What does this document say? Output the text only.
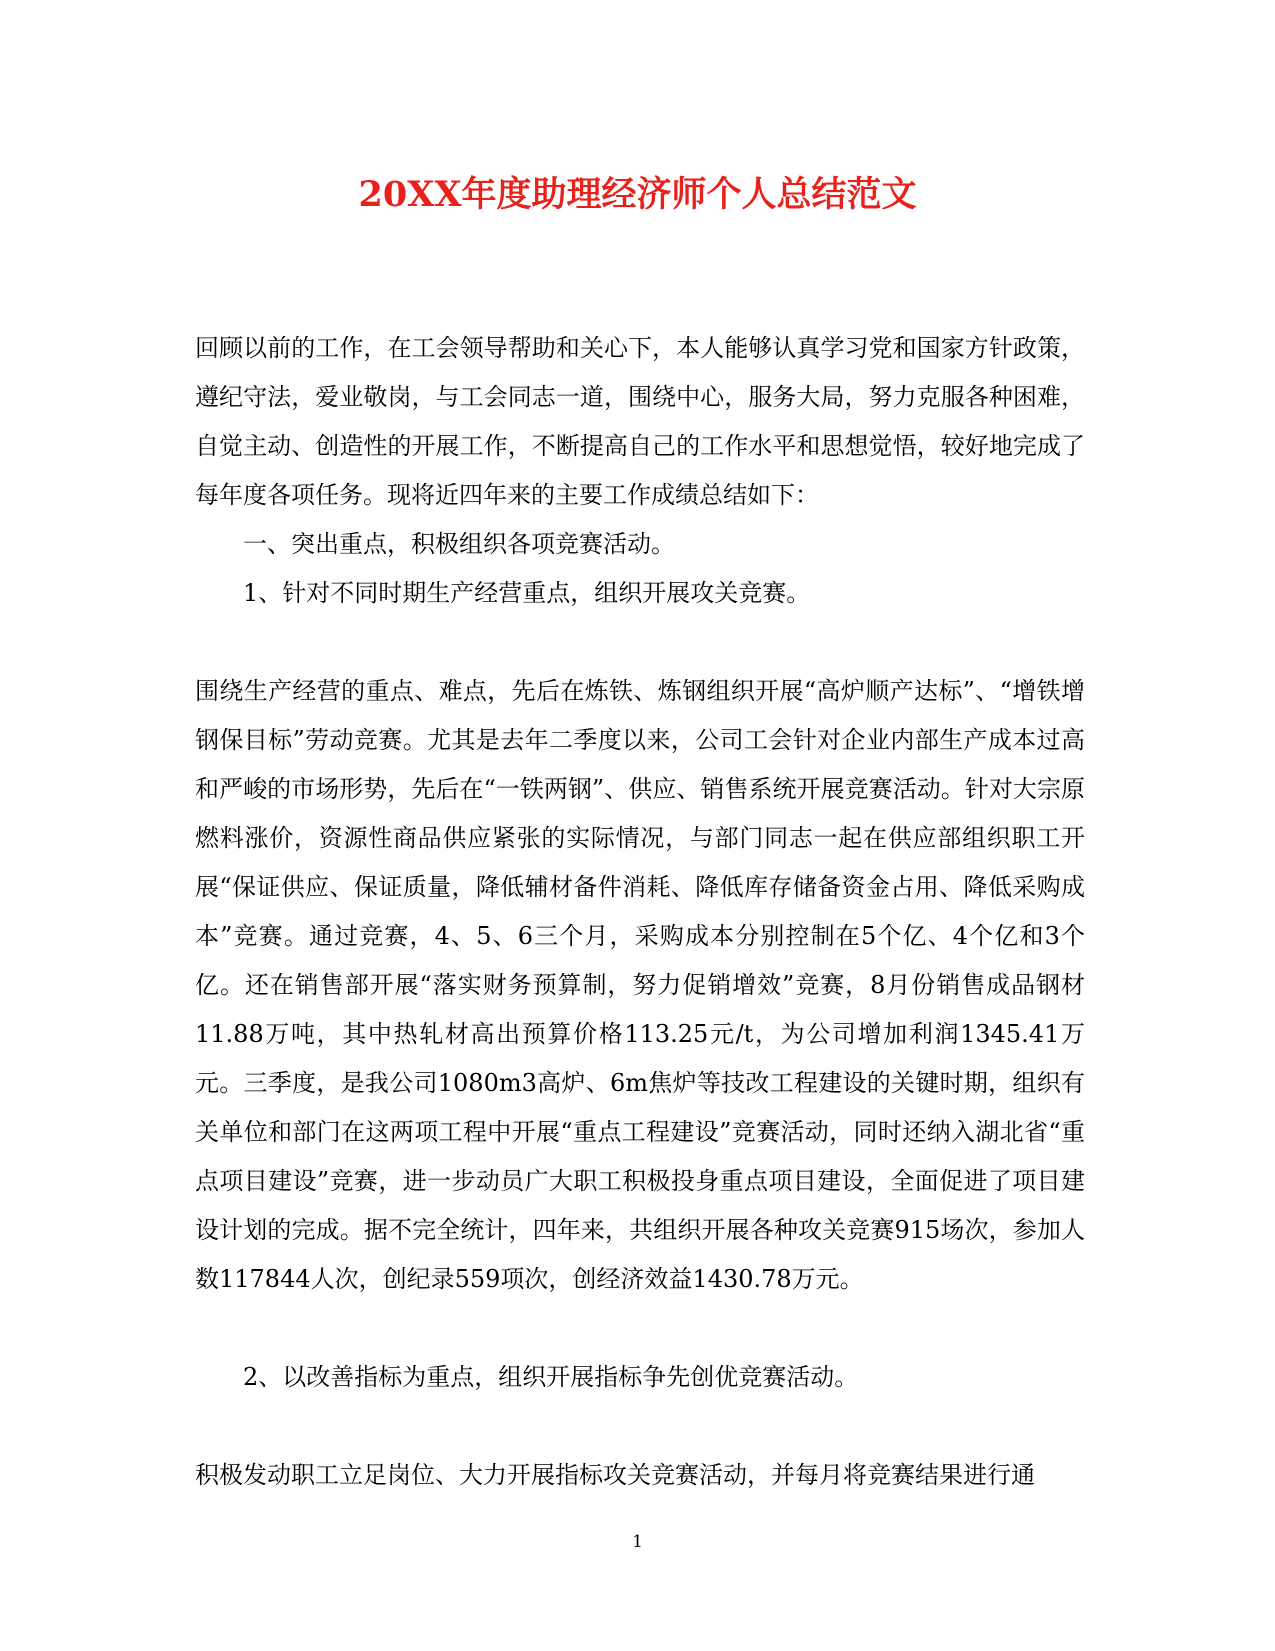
20XX年度助理经济师个人总结范文

回顾以前的工作，在工会领导帮助和关心下，本人能够认真学习党和国家方针政策，遵纪守法，爱业敬岗，与工会同志一道，围绕中心，服务大局，努力克服各种困难，自觉主动、创造性的开展工作，不断提高自己的工作水平和思想觉悟，较好地完成了每年度各项任务。现将近四年来的主要工作成绩总结如下：

一、突出重点，积极组织各项竞赛活动。

1、针对不同时期生产经营重点，组织开展攻关竞赛。

围绕生产经营的重点、难点，先后在炼铁、炼钢组织开展“高炉顺产达标”、“增铁增钢保目标”劳动竞赛。尤其是去年二季度以来，公司工会针对企业内部生产成本过高和严峻的市场形势，先后在“一铁两钢”、供应、销售系统开展竞赛活动。针对大宗原燃料涨价，资源性商品供应紧张的实际情况，与部门同志一起在供应部组织职工开展“保证供应、保证质量，降低辅材备件消耗、降低库存储备资金占用、降低采购成本”竞赛。通过竞赛，4、5、6三个月，采购成本分别控制在5个亿、4个亿和3个亿。还在销售部开展“落实财务预算制，努力促销增效”竞赛，8月份销售成品钢材11.88万吨，其中热轧材高出预算价格113.25元/t，为公司增加利润1345.41万元。三季度，是我公司1080m3高炉、6m焦炉等技改工程建设的关键时期，组织有关单位和部门在这两项工程中开展“重点工程建设”竞赛活动，同时还纳入湖北省“重点项目建设”竞赛，进一步动员广大职工积极投身重点项目建设，全面促进了项目建设计划的完成。据不完全统计，四年来，共组织开展各种攻关竞赛915场次，参加人数117844人次，创纪录559项次，创经济效益1430.78万元。

2、以改善指标为重点，组织开展指标争先创优竞赛活动。

积极发动职工立足岗位、大力开展指标攻关竞赛活动，并每月将竞赛结果进行通

1
